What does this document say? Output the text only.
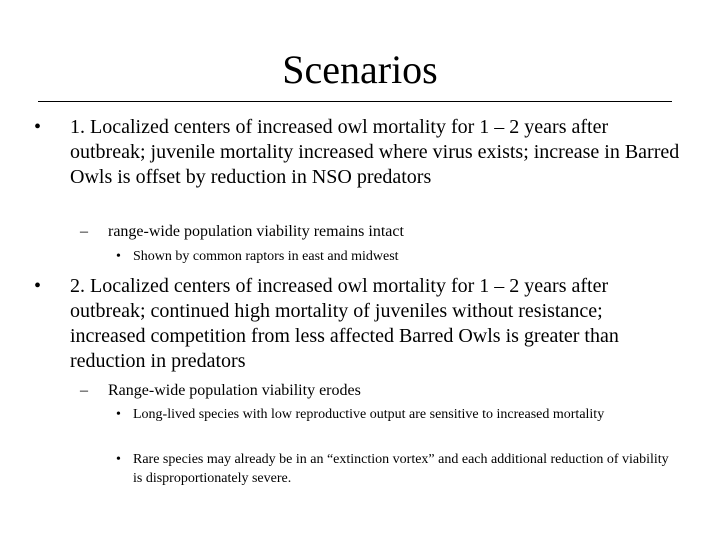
Scenarios
• 1. Localized centers of increased owl mortality for 1 – 2 years after outbreak; juvenile mortality increased where virus exists; increase in Barred Owls is offset by reduction in NSO predators
– range-wide population viability remains intact
• Shown by common raptors in east and midwest
• 2. Localized centers of increased owl mortality for 1 – 2 years after outbreak; continued high mortality of juveniles without resistance; increased competition from less affected Barred Owls is greater than reduction in predators
– Range-wide population viability erodes
• Long-lived species with low reproductive output are sensitive to increased mortality
• Rare species may already be in an “extinction vortex” and each additional reduction of viability is disproportionately severe.
